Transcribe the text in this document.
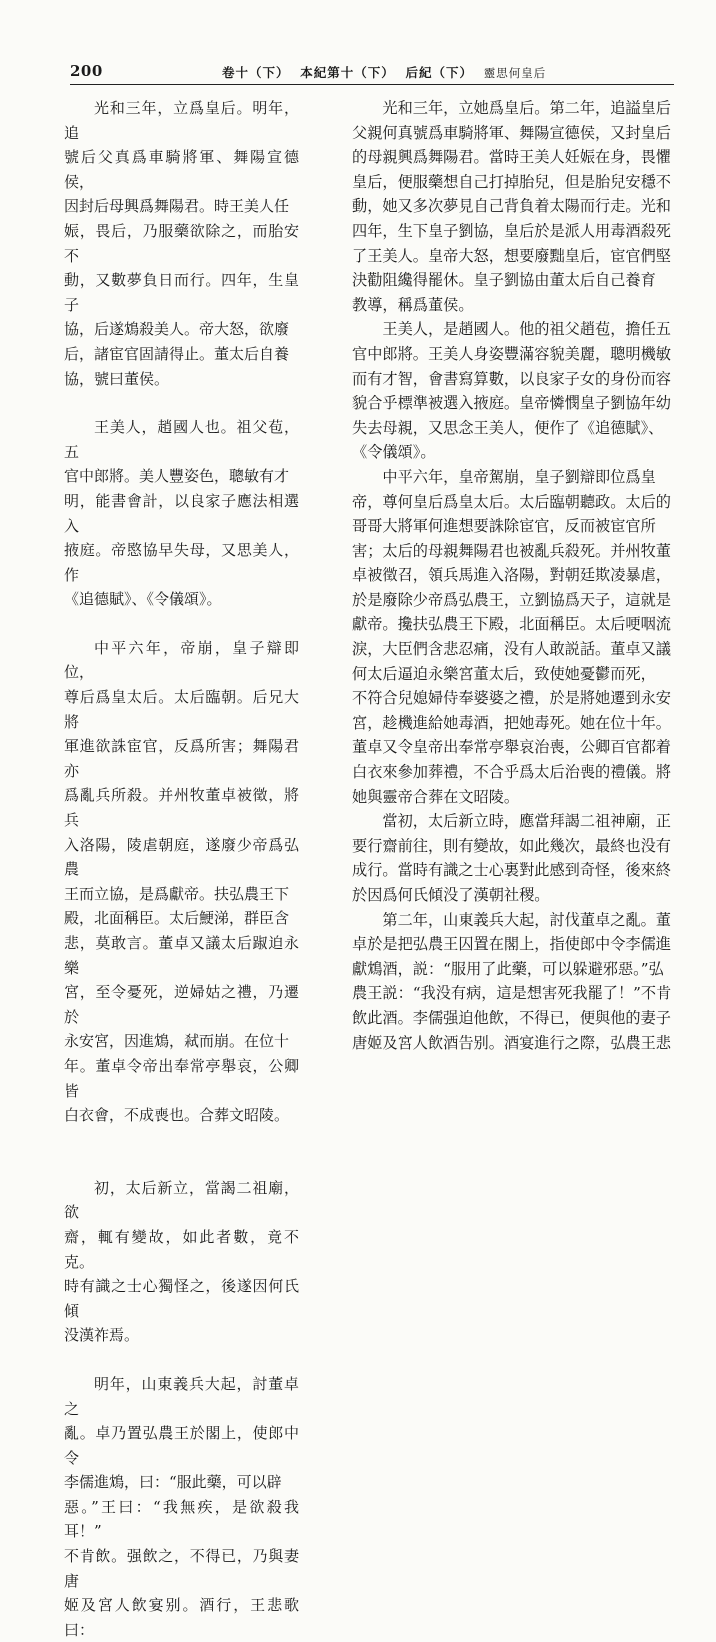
200	卷十（下） 本紀第十（下） 后紀（下） 靈思何皇后

光和三年，立爲皇后。明年，追
號后父真爲車騎將軍、舞陽宣德侯，
因封后母興爲舞陽君。時王美人任
娠，畏后，乃服藥欲除之，而胎安不
動，又數夢負日而行。四年，生皇子
協，后遂鴆殺美人。帝大怒，欲廢
后，諸宦官固請得止。董太后自養
協，號曰董侯。

王美人，趙國人也。祖父苞，五
官中郎將。美人豐姿色，聰敏有才
明，能書會計，以良家子應法相選入
掖庭。帝愍協早失母，又思美人，作
《追德賦》、《令儀頌》。

中平六年，帝崩，皇子辯即位，
尊后爲皇太后。太后臨朝。后兄大將
軍進欲誅宦官，反爲所害；舞陽君亦
爲亂兵所殺。并州牧董卓被徵，將兵
入洛陽，陵虐朝庭，遂廢少帝爲弘農
王而立協，是爲獻帝。扶弘農王下
殿，北面稱臣。太后鯁涕，群臣含
悲，莫敢言。董卓又議太后踧迫永樂
宮，至令憂死，逆婦姑之禮，乃遷於
永安宮，因進鴆，弒而崩。在位十
年。董卓令帝出奉常亭舉哀，公卿皆
白衣會，不成喪也。合葬文昭陵。

初，太后新立，當謁二祖廟，欲
齋，輒有變故，如此者數，竟不克。
時有識之士心獨怪之，後遂因何氏傾
没漢祚焉。

明年，山東義兵大起，討董卓之
亂。卓乃置弘農王於閣上，使郎中令
李儒進鴆，曰：“服此藥，可以辟
惡。”王曰：“我無疾，是欲殺我耳！”
不肯飲。强飲之，不得已，乃與妻唐
姬及宮人飲宴别。酒行，王悲歌曰：

光和三年，立她爲皇后。第二年，追謚皇后
父親何真號爲車騎將軍、舞陽宣德侯，又封皇后
的母親興爲舞陽君。當時王美人妊娠在身，畏懼
皇后，便服藥想自己打掉胎兒，但是胎兒安穩不
動，她又多次夢見自己背負着太陽而行走。光和
四年，生下皇子劉協，皇后於是派人用毒酒殺死
了王美人。皇帝大怒，想要廢黜皇后，宦官們堅
決勸阻纔得罷休。皇子劉協由董太后自己養育
教導，稱爲董侯。

王美人，是趙國人。他的祖父趙苞，擔任五
官中郎將。王美人身姿豐滿容貌美麗，聰明機敏
而有才智，會書寫算數，以良家子女的身份而容
貌合乎標準被選入掖庭。皇帝憐憫皇子劉協年幼
失去母親，又思念王美人，便作了《追德賦》、
《令儀頌》。

中平六年，皇帝駕崩，皇子劉辯即位爲皇
帝，尊何皇后爲皇太后。太后臨朝聽政。太后的
哥哥大將軍何進想要誅除宦官，反而被宦官所
害；太后的母親舞陽君也被亂兵殺死。并州牧董
卓被徵召，領兵馬進入洛陽，對朝廷欺凌暴虐，
於是廢除少帝爲弘農王，立劉協爲天子，這就是
獻帝。攙扶弘農王下殿，北面稱臣。太后哽咽流
淚，大臣們含悲忍痛，没有人敢説話。董卓又議
何太后逼迫永樂宮董太后，致使她憂鬱而死，
不符合兒媳婦侍奉婆婆之禮，於是將她遷到永安
宮，趁機進給她毒酒，把她毒死。她在位十年。
董卓又令皇帝出奉常亭舉哀治喪，公卿百官都着
白衣來參加葬禮，不合乎爲太后治喪的禮儀。將
她與靈帝合葬在文昭陵。

當初，太后新立時，應當拜謁二祖神廟，正
要行齋前往，則有變故，如此幾次，最終也没有
成行。當時有識之士心裏對此感到奇怪，後來終
於因爲何氏傾没了漢朝社稷。

第二年，山東義兵大起，討伐董卓之亂。董
卓於是把弘農王囚置在閣上，指使郎中令李儒進
獻鴆酒，説：“服用了此藥，可以躲避邪惡。”弘
農王説：“我没有病，這是想害死我罷了！”不肯
飲此酒。李儒强迫他飲，不得已，便與他的妻子
唐姬及宮人飲酒告别。酒宴進行之際，弘農王悲
